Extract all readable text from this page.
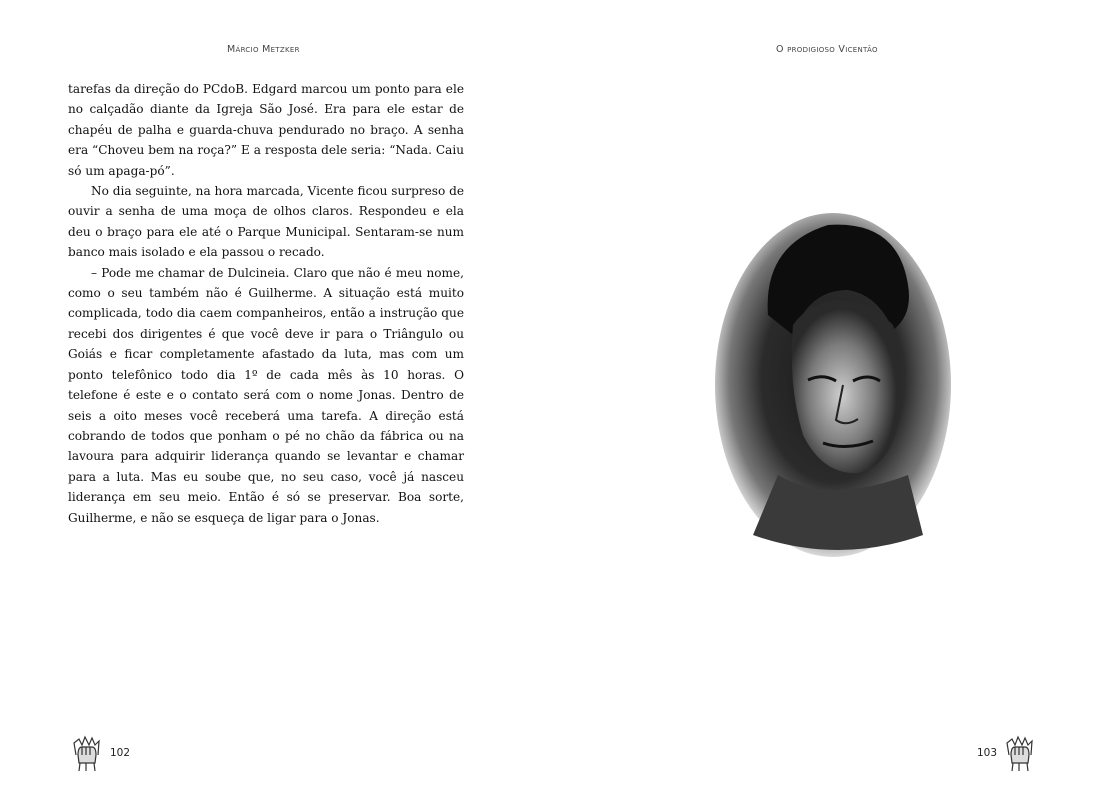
Márcio Metzker

tarefas da direção do PCdoB. Edgard marcou um ponto para ele no calçadão diante da Igreja São José. Era para ele estar de chapéu de palha e guarda-chuva pendurado no braço. A senha era “Choveu bem na roça?” E a resposta dele seria: “Nada. Caiu só um apaga-pó”.

No dia seguinte, na hora marcada, Vicente ficou surpreso de ouvir a senha de uma moça de olhos claros. Respondeu e ela deu o braço para ele até o Parque Municipal. Sentaram-se num banco mais isolado e ela passou o recado.

– Pode me chamar de Dulcineia. Claro que não é meu nome, como o seu também não é Guilherme. A situação está muito complicada, todo dia caem companheiros, então a instrução que recebi dos dirigentes é que você deve ir para o Triângulo ou Goiás e ficar completamente afastado da luta, mas com um ponto telefônico todo dia 1º de cada mês às 10 horas. O telefone é este e o contato será com o nome Jonas. Dentro de seis a oito meses você receberá uma tarefa. A direção está cobrando de todos que ponham o pé no chão da fábrica ou na lavoura para adquirir liderança quando se levantar e chamar para a luta. Mas eu soube que, no seu caso, você já nasceu liderança em seu meio. Então é só se preservar. Boa sorte, Guilherme, e não se esqueça de ligar para o Jonas.

102
O prodigioso Vicentão
103
